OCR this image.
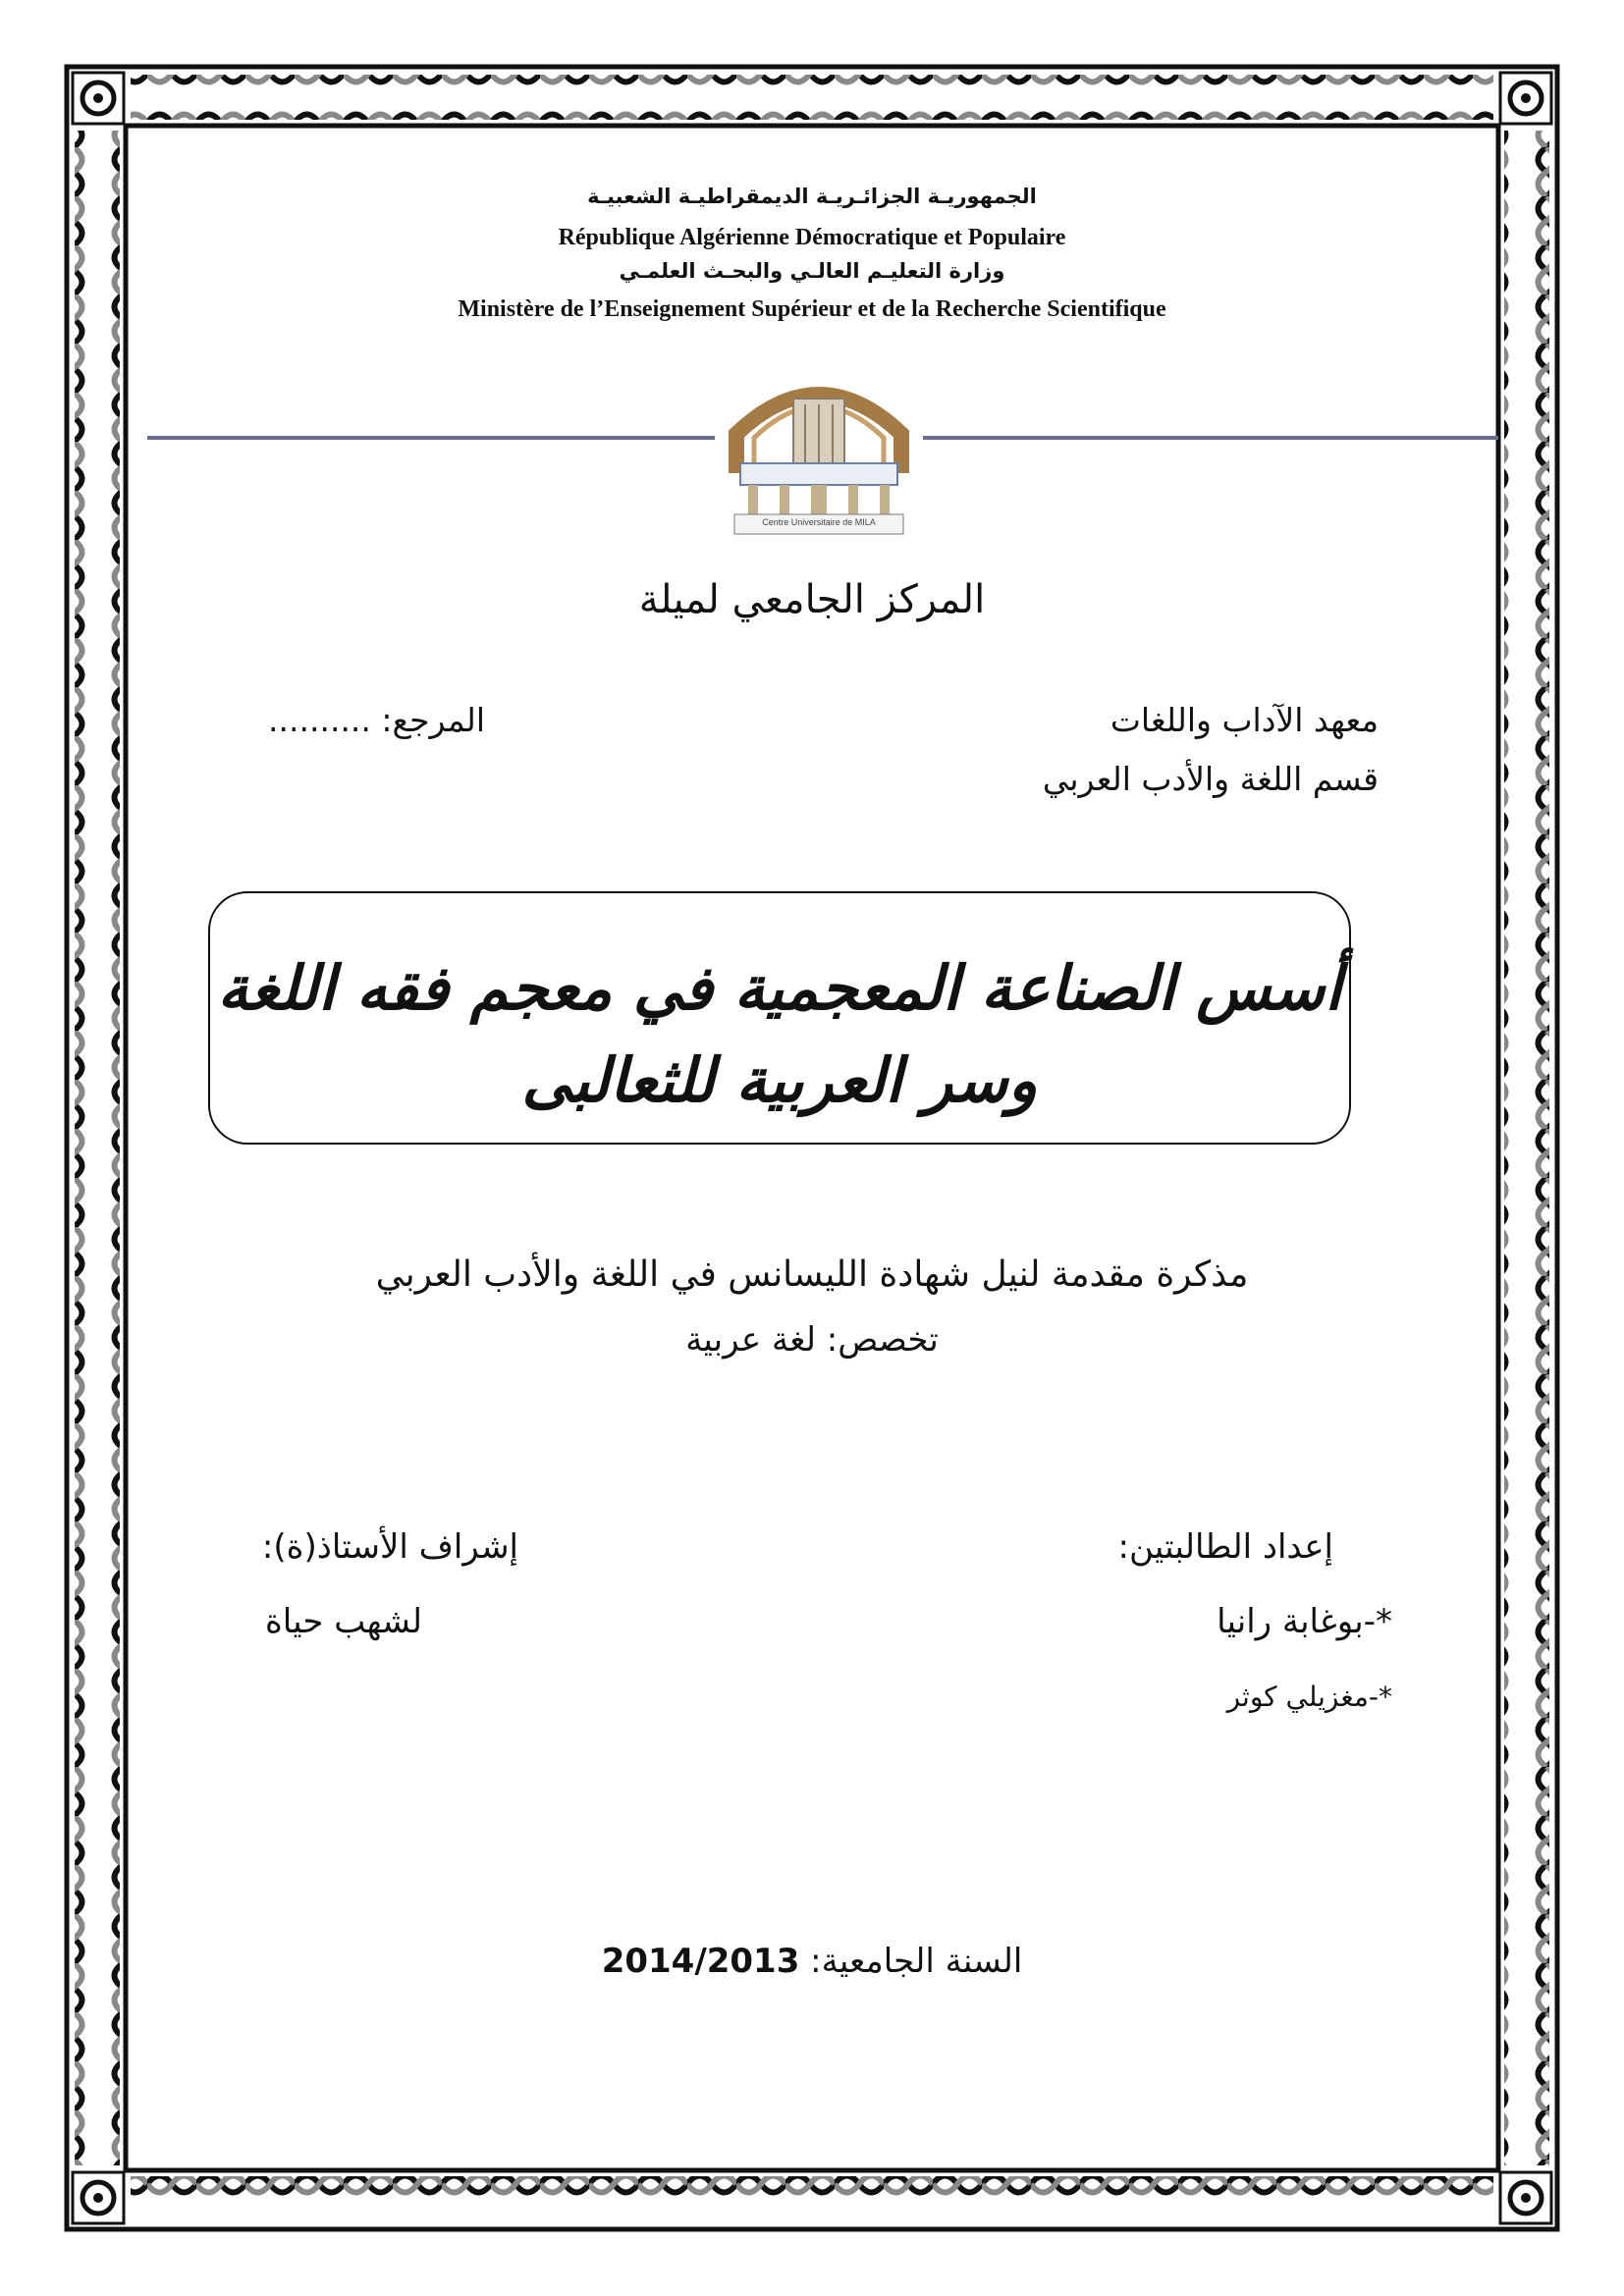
الجمهوريـة الجزائـريـة الديمقراطيـة الشعبيـة
République Algérienne Démocratique et Populaire
وزارة التعليـم العالـي والبحـث العلمـي
Ministère de l’Enseignement Supérieur et de la Recherche Scientifique
Centre Universitaire de MILA
المركز الجامعي لميلة
معهد الآداب واللغات
قسم اللغة والأدب العربي
المرجع: ..........
أسس الصناعة المعجمية في معجم فقه اللغة
وسر العربية للثعالبى
مذكرة مقدمة لنيل شهادة الليسانس في اللغة والأدب العربي
تخصص: لغة عربية
إعداد الطالبتين:
*-بوغابة رانيا
*-مغزيلي كوثر
إشراف الأستاذ(ة):
لشهب حياة
السنة الجامعية: 2014/2013
